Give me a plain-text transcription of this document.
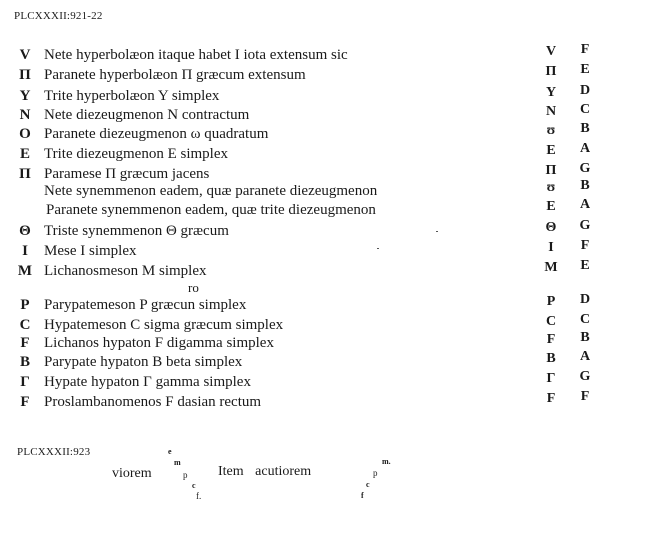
PLCXXXII:921-22
V Nete hyperbolæon itaque habet I iota extensum sic
Π Paranete hyperbolæon Π græcum extensum
Y Trite hyperbolæon Y simplex
N Nete diezeugmenon N contractum
O Paranete diezeugmenon ω quadratum
E Trite diezeugmenon E simplex
Π Paramese Π græcum jacens
Nete synemmenon eadem, quæ paranete diezeugmenon
Paranete synemmenon eadem, quæ trite diezeugmenon
Θ Triste synemmenon Θ græcum
I	Mese I simplex
M Lichanosmeson M simplex
P Parypatemeson P græcun simplex
C Hypatemeson C sigma græcum simplex
F Lichanos hypaton F digamma simplex
B Parypate hypaton B beta simplex
Γ Hypate hypaton Γ gamma simplex
F Proslambanomenos F dasian rectum
V	F
Π	E
Y	D
N	C
ʊ	B
E	A
Π	G
ʊ	B
E	A
Θ	G
I	F
M	E
P	D
C	C
F	B
B	A
Γ	G
F	F
ro
PLCXXXII:923
viorem
e
m
p
c
f.
Item acutiorem
m.
p
c
f
